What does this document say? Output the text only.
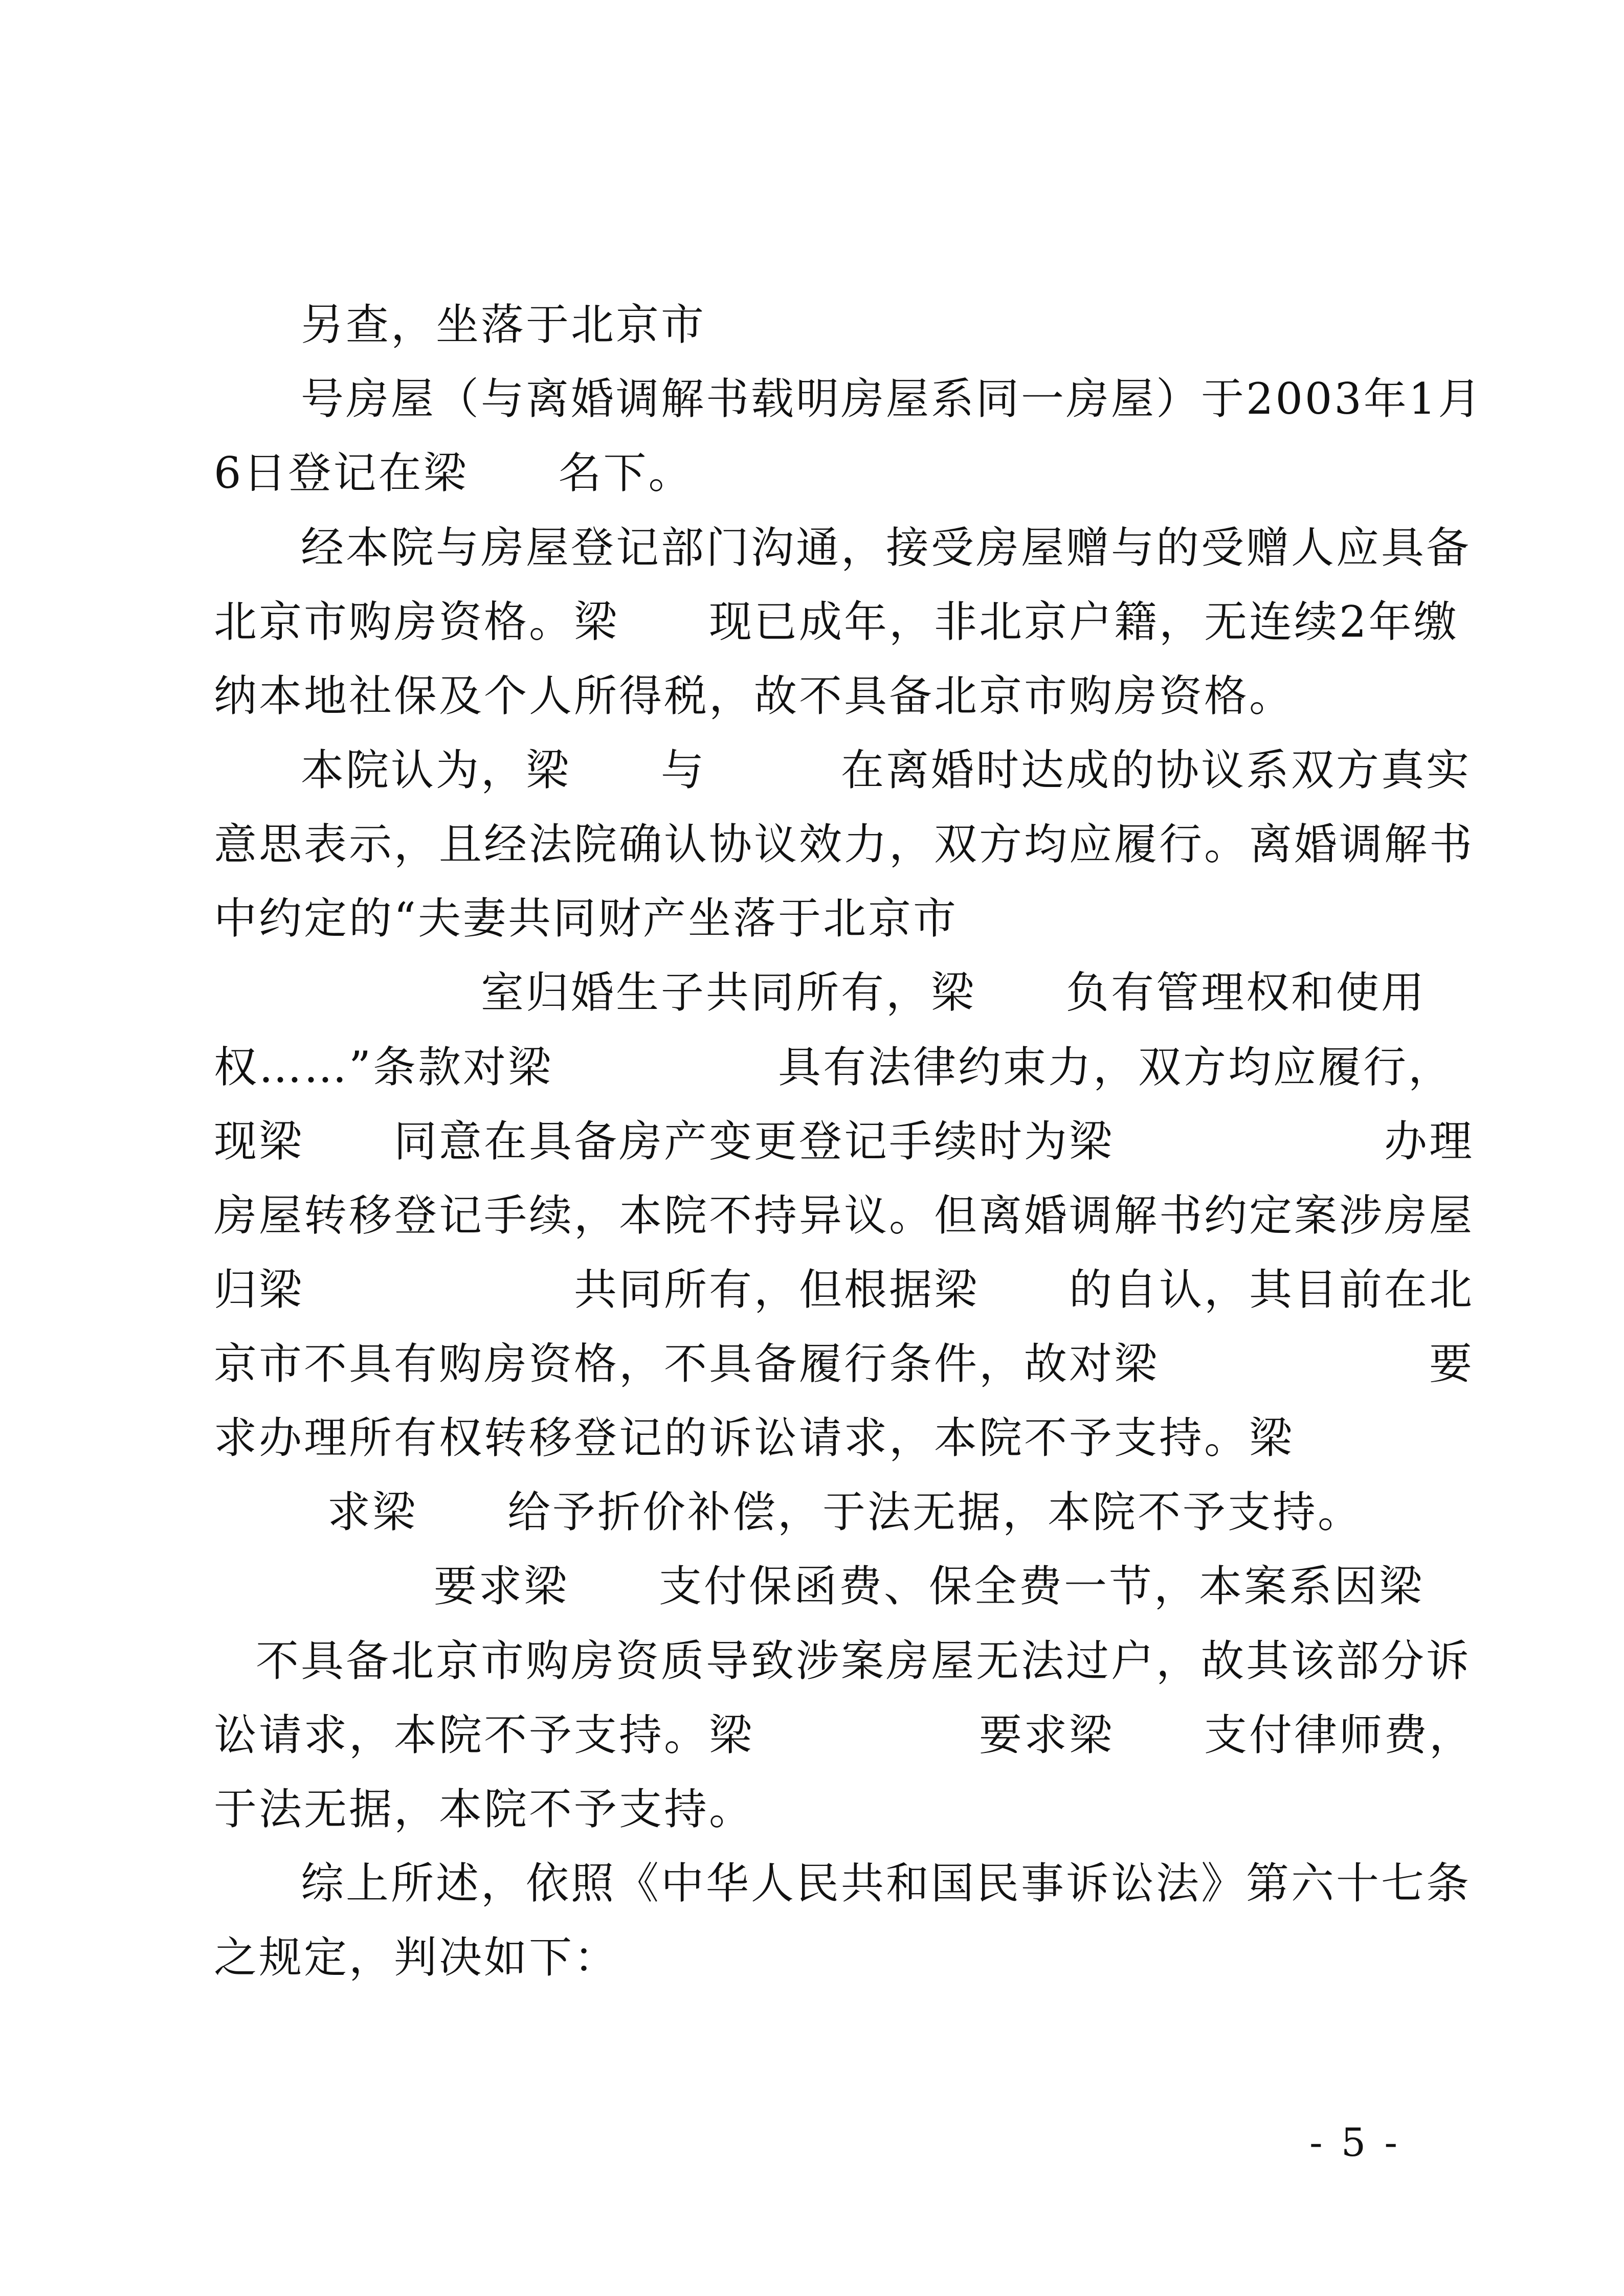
另查，坐落于北京市
号房屋（与离婚调解书载明房屋系同一房屋）于2003年1月
6日登记在梁　　名下。
经本院与房屋登记部门沟通，接受房屋赠与的受赠人应具备
北京市购房资格。梁　　现已成年，非北京户籍，无连续2年缴
纳本地社保及个人所得税，故不具备北京市购房资格。
本院认为，梁　　与　　　在离婚时达成的协议系双方真实
意思表示，且经法院确认协议效力，双方均应履行。离婚调解书
中约定的“夫妻共同财产坐落于北京市
室归婚生子共同所有，梁　　负有管理权和使用
权……”条款对梁　　　　　具有法律约束力，双方均应履行，
现梁　　同意在具备房产变更登记手续时为梁　　　　　　办理
房屋转移登记手续，本院不持异议。但离婚调解书约定案涉房屋
归梁　　　　　　共同所有，但根据梁　　的自认，其目前在北
京市不具有购房资格，不具备履行条件，故对梁　　　　　　要
求办理所有权转移登记的诉讼请求，本院不予支持。梁
求梁　　给予折价补偿，于法无据，本院不予支持。
要求梁　　支付保函费、保全费一节，本案系因梁
不具备北京市购房资质导致涉案房屋无法过户，故其该部分诉
讼请求，本院不予支持。梁　　　　　要求梁　　支付律师费，
于法无据，本院不予支持。
综上所述，依照《中华人民共和国民事诉讼法》第六十七条
之规定，判决如下：
- 5 -
